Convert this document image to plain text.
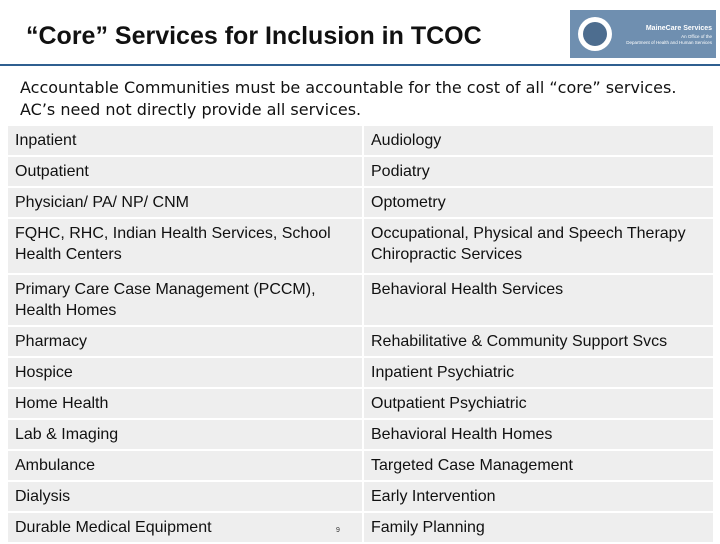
“Core” Services for Inclusion in TCOC	MaineCare Services
An Office of the
Department of Health and Human Services
Accountable Communities must be accountable for the cost of all “core” services.
AC’s need not directly provide all services.
Inpatient	Audiology
Outpatient	Podiatry
Physician/ PA/ NP/ CNM	Optometry
FQHC, RHC, Indian Health Services, School Health Centers	Occupational, Physical and Speech Therapy Chiropractic Services
Primary Care Case Management (PCCM), Health Homes	Behavioral Health Services
Pharmacy	Rehabilitative & Community Support Svcs
Hospice	Inpatient Psychiatric
Home Health	Outpatient Psychiatric
Lab & Imaging	Behavioral Health Homes
Ambulance	Targeted Case Management
Dialysis	Early Intervention
Durable Medical Equipment	Family Planning
9
